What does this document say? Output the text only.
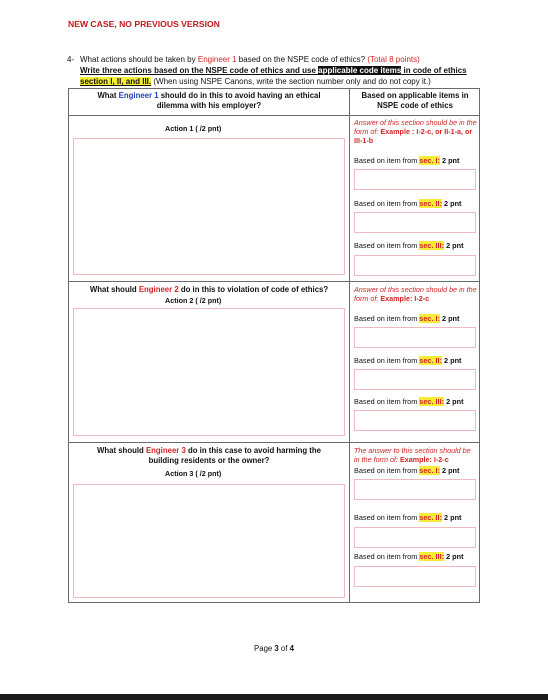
NEW CASE, NO PREVIOUS VERSION
4- What actions should be taken by Engineer 1 based on the NSPE code of ethics? (Total 8 points)
Write three actions based on the NSPE code of ethics and use applicable code items in code of ethics
section I, II, and III. (When using NSPE Canons, write the section number only and do not copy it.)
What Engineer 1 should do in this to avoid having an ethical
dilemma with his employer?
Based on applicable items in
NSPE code of ethics
Action 1 ( /2 pnt)
Answer of this section should be in the form of: Example : I-2-c, or II-1-a, or III-1-b
Based on item from sec. I: 2 pnt
Based on item from sec. II: 2 pnt
Based on item from sec. III: 2 pnt
What should Engineer 2 do in this to violation of code of ethics?
Action 2 ( /2 pnt)
Answer of this section should be in the form of: Example: I-2-c
Based on item from sec. I: 2 pnt
Based on item from sec. II: 2 pnt
Based on item from sec. III: 2 pnt
What should Engineer 3 do in this case to avoid harming the
building residents or the owner?
Action 3 ( /2 pnt)
The answer to this section should be in the form of: Example: I-2-c
Based on item from sec. I: 2 pnt
Based on item from sec. II: 2 pnt
Based on item from sec. III: 2 pnt
Page 3 of 4
